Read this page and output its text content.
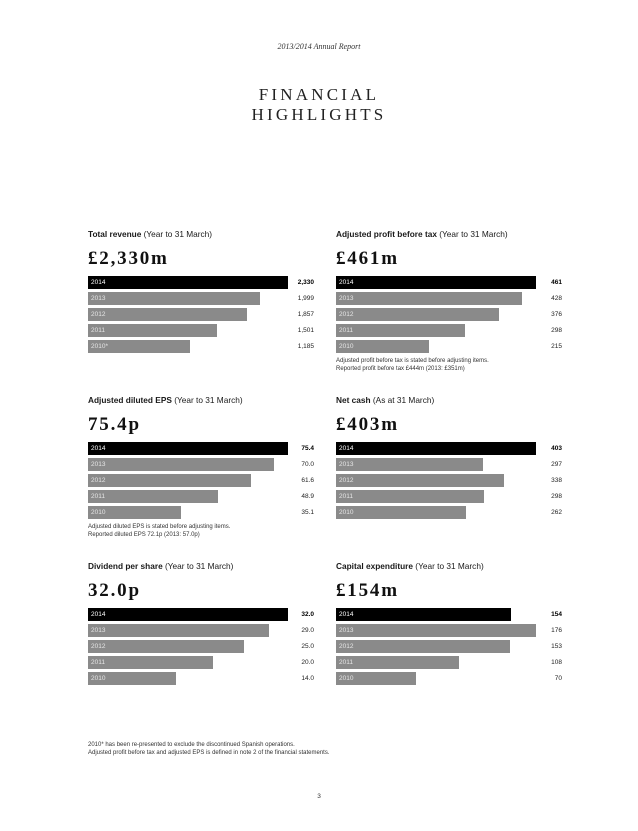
2013/2014 Annual Report
FINANCIAL
HIGHLIGHTS
Total revenue (Year to 31 March)
£2,330m
2014	2,330
2013	1,999
2012	1,857
2011	1,501
2010*	1,185
Adjusted profit before tax (Year to 31 March)
£461m
2014	461
2013	428
2012	376
2011	298
2010	215
Adjusted profit before tax is stated before adjusting items.
Reported profit before tax £444m (2013: £351m)
Adjusted diluted EPS (Year to 31 March)
75.4p
2014	75.4
2013	70.0
2012	61.6
2011	48.9
2010	35.1
Adjusted diluted EPS is stated before adjusting items.
Reported diluted EPS 72.1p (2013: 57.0p)
Net cash (As at 31 March)
£403m
2014	403
2013	297
2012	338
2011	298
2010	262
Dividend per share (Year to 31 March)
32.0p
2014	32.0
2013	29.0
2012	25.0
2011	20.0
2010	14.0
Capital expenditure (Year to 31 March)
£154m
2014	154
2013	176
2012	153
2011	108
2010	70
2010* has been re-presented to exclude the discontinued Spanish operations.
Adjusted profit before tax and adjusted EPS is defined in note 2 of the financial statements.
3
